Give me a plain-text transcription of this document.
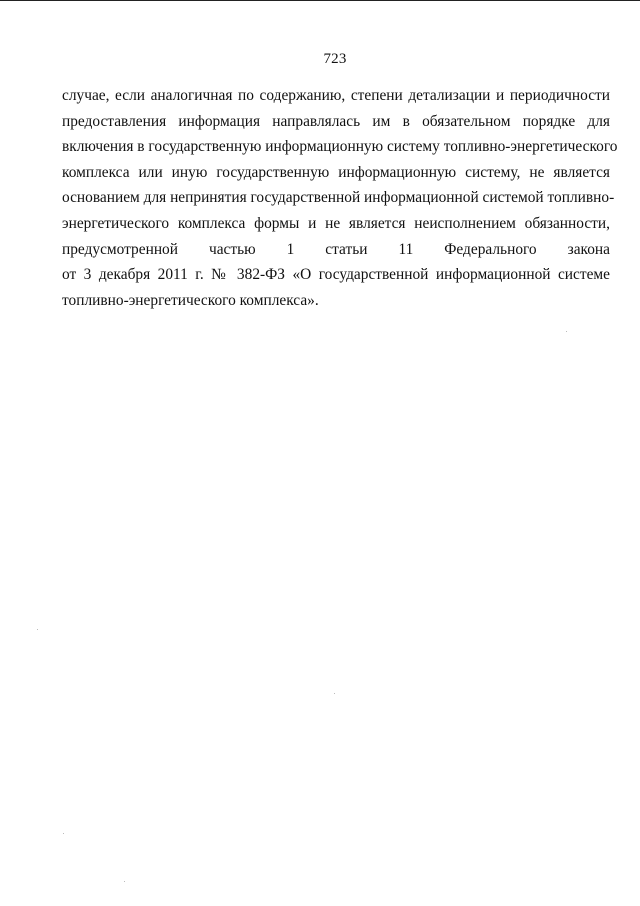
723
случае, если аналогичная по содержанию, степени детализации и периодичности
предоставления информация направлялась им в обязательном порядке для
включения в государственную информационную систему топливно-энергетического
комплекса или иную государственную информационную систему, не является
основанием для непринятия государственной информационной системой топливно-
энергетического комплекса формы и не является неисполнением обязанности,
предусмотренной частью 1 статьи 11 Федерального закона
от 3 декабря 2011 г. № 382-ФЗ «О государственной информационной системе
топливно-энергетического комплекса».
